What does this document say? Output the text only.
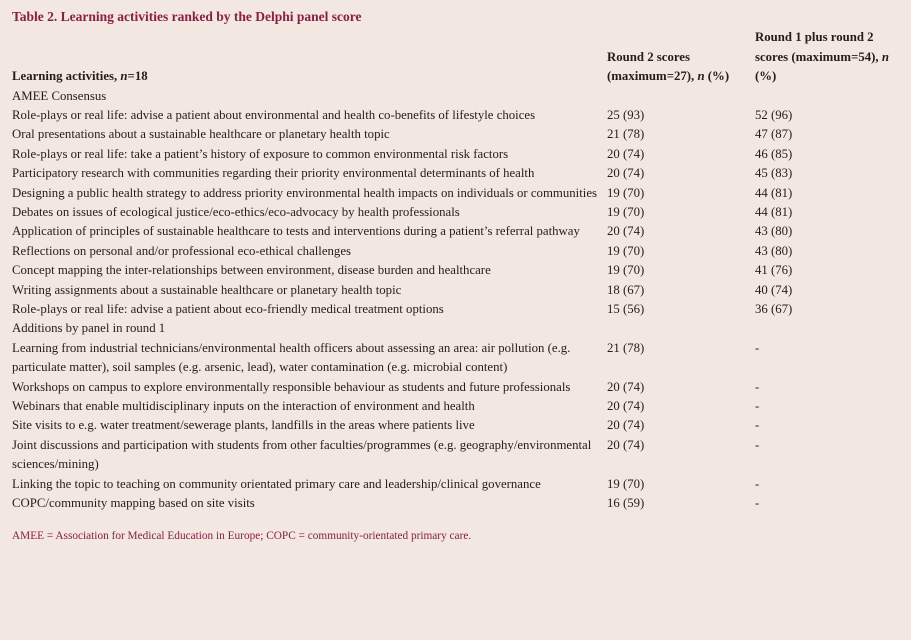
Table 2. Learning activities ranked by the Delphi panel score
Learning activities, n=18	Round 2 scores (maximum=27), n (%)	Round 1 plus round 2 scores (maximum=54), n (%)
AMEE Consensus		
Role-plays or real life: advise a patient about environmental and health co-benefits of lifestyle choices	25 (93)	52 (96)
Oral presentations about a sustainable healthcare or planetary health topic	21 (78)	47 (87)
Role-plays or real life: take a patient’s history of exposure to common environmental risk factors	20 (74)	46 (85)
Participatory research with communities regarding their priority environmental determinants of health	20 (74)	45 (83)
Designing a public health strategy to address priority environmental health impacts on individuals or communities	19 (70)	44 (81)
Debates on issues of ecological justice/eco-ethics/eco-advocacy by health professionals	19 (70)	44 (81)
Application of principles of sustainable healthcare to tests and interventions during a patient’s referral pathway	20 (74)	43 (80)
Reflections on personal and/or professional eco-ethical challenges	19 (70)	43 (80)
Concept mapping the inter-relationships between environment, disease burden and healthcare	19 (70)	41 (76)
Writing assignments about a sustainable healthcare or planetary health topic	18 (67)	40 (74)
Role-plays or real life: advise a patient about eco-friendly medical treatment options	15 (56)	36 (67)
Additions by panel in round 1		
Learning from industrial technicians/environmental health officers about assessing an area: air pollution (e.g. particulate matter), soil samples (e.g. arsenic, lead), water contamination (e.g. microbial content)	21 (78)	-
Workshops on campus to explore environmentally responsible behaviour as students and future professionals	20 (74)	-
Webinars that enable multidisciplinary inputs on the interaction of environment and health	20 (74)	-
Site visits to e.g. water treatment/sewerage plants, landfills in the areas where patients live	20 (74)	-
Joint discussions and participation with students from other faculties/programmes (e.g. geography/environmental sciences/mining)	20 (74)	-
Linking the topic to teaching on community orientated primary care and leadership/clinical governance	19 (70)	-
COPC/community mapping based on site visits	16 (59)	-
AMEE = Association for Medical Education in Europe; COPC = community-orientated primary care.
